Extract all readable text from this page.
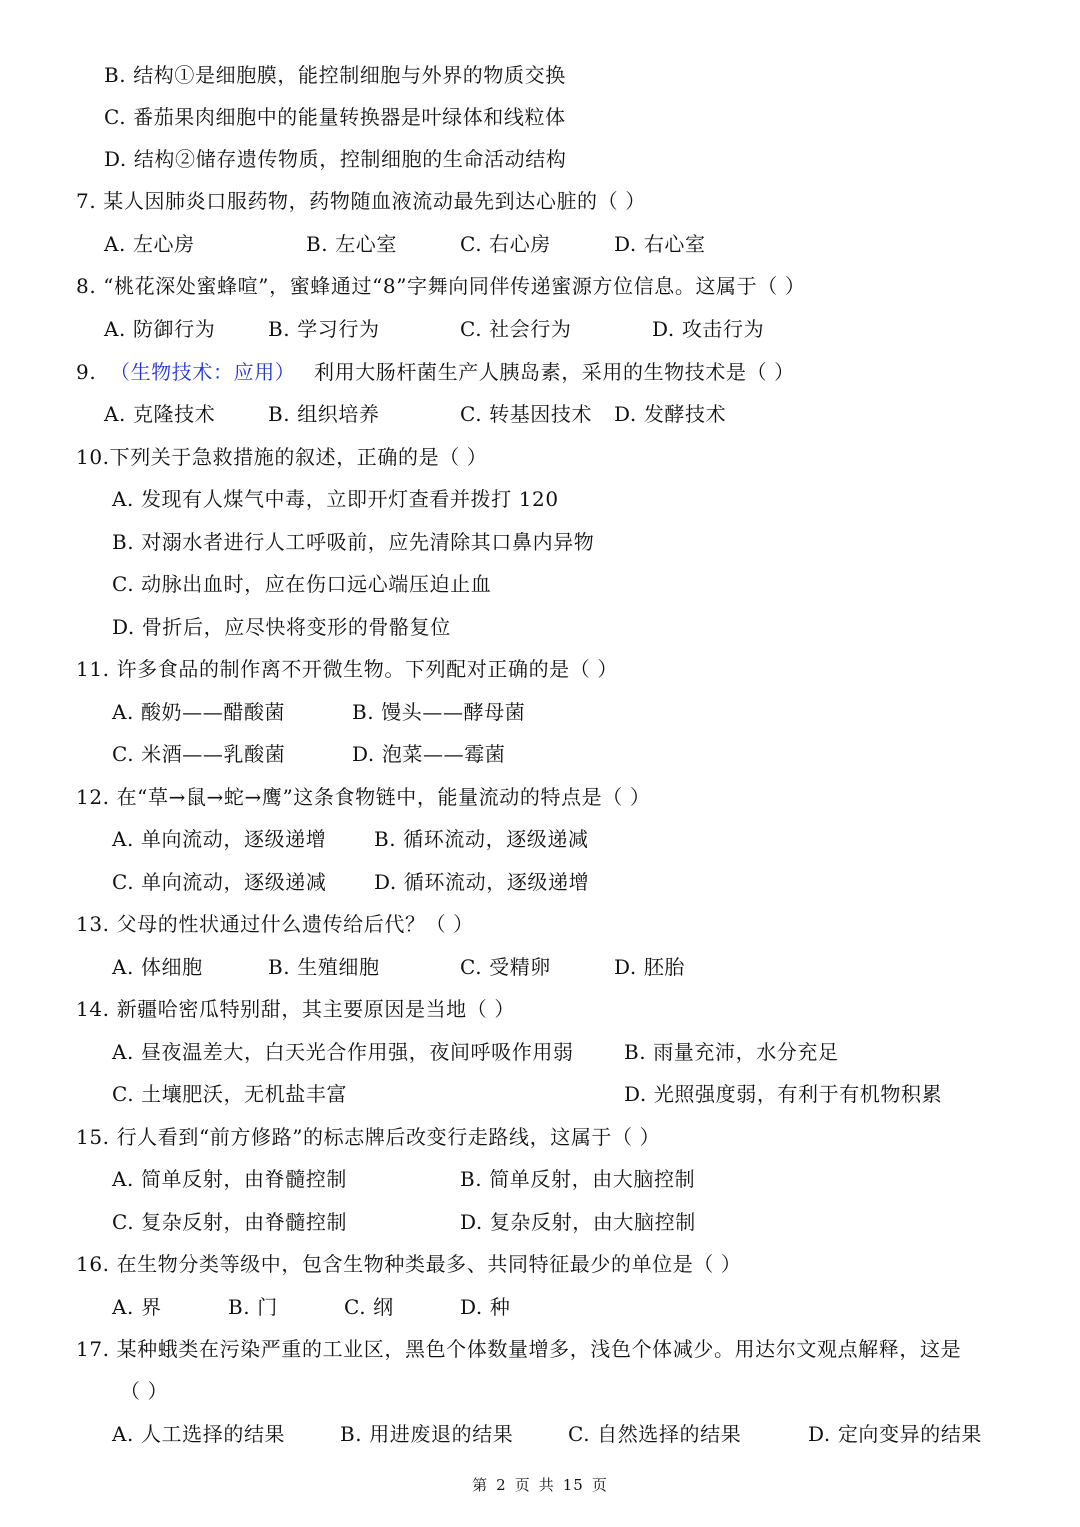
B. 结构①是细胞膜，能控制细胞与外界的物质交换
C. 番茄果肉细胞中的能量转换器是叶绿体和线粒体
D. 结构②储存遗传物质，控制细胞的生命活动结构
7. 某人因肺炎口服药物，药物随血液流动最先到达心脏的（ ）
A. 左心房	B. 左心室	C. 右心房	D. 右心室
8. “桃花深处蜜蜂喧”，蜜蜂通过“8”字舞向同伴传递蜜源方位信息。这属于（ ）
A. 防御行为	B. 学习行为	C. 社会行为	D. 攻击行为
9. （生物技术：应用） 利用大肠杆菌生产人胰岛素，采用的生物技术是（ ）
A. 克隆技术	B. 组织培养	C. 转基因技术 D. 发酵技术
10.下列关于急救措施的叙述，正确的是（ ）
A. 发现有人煤气中毒，立即开灯查看并拨打 120
B. 对溺水者进行人工呼吸前，应先清除其口鼻内异物
C. 动脉出血时，应在伤口远心端压迫止血
D. 骨折后，应尽快将变形的骨骼复位
11. 许多食品的制作离不开微生物。下列配对正确的是（ ）
A. 酸奶——醋酸菌	B. 馒头——酵母菌
C. 米酒——乳酸菌	D. 泡菜——霉菌
12. 在“草→鼠→蛇→鹰”这条食物链中，能量流动的特点是（ ）
A. 单向流动，逐级递增 B. 循环流动，逐级递减
C. 单向流动，逐级递减 D. 循环流动，逐级递增
13. 父母的性状通过什么遗传给后代？（ ）
A. 体细胞	B. 生殖细胞	C. 受精卵	D. 胚胎
14. 新疆哈密瓜特别甜，其主要原因是当地（ ）
A. 昼夜温差大，白天光合作用强，夜间呼吸作用弱	B. 雨量充沛，水分充足
C. 土壤肥沃，无机盐丰富	D. 光照强度弱，有利于有机物积累
15. 行人看到“前方修路”的标志牌后改变行走路线，这属于（ ）
A. 简单反射，由脊髓控制	B. 简单反射，由大脑控制
C. 复杂反射，由脊髓控制	D. 复杂反射，由大脑控制
16. 在生物分类等级中，包含生物种类最多、共同特征最少的单位是（ ）
A. 界	B. 门	C. 纲	D. 种
17. 某种蛾类在污染严重的工业区，黑色个体数量增多，浅色个体减少。用达尔文观点解释，这是
（ ）
A. 人工选择的结果	B. 用进废退的结果	C. 自然选择的结果	D. 定向变异的结果
第 2 页 共 15 页
